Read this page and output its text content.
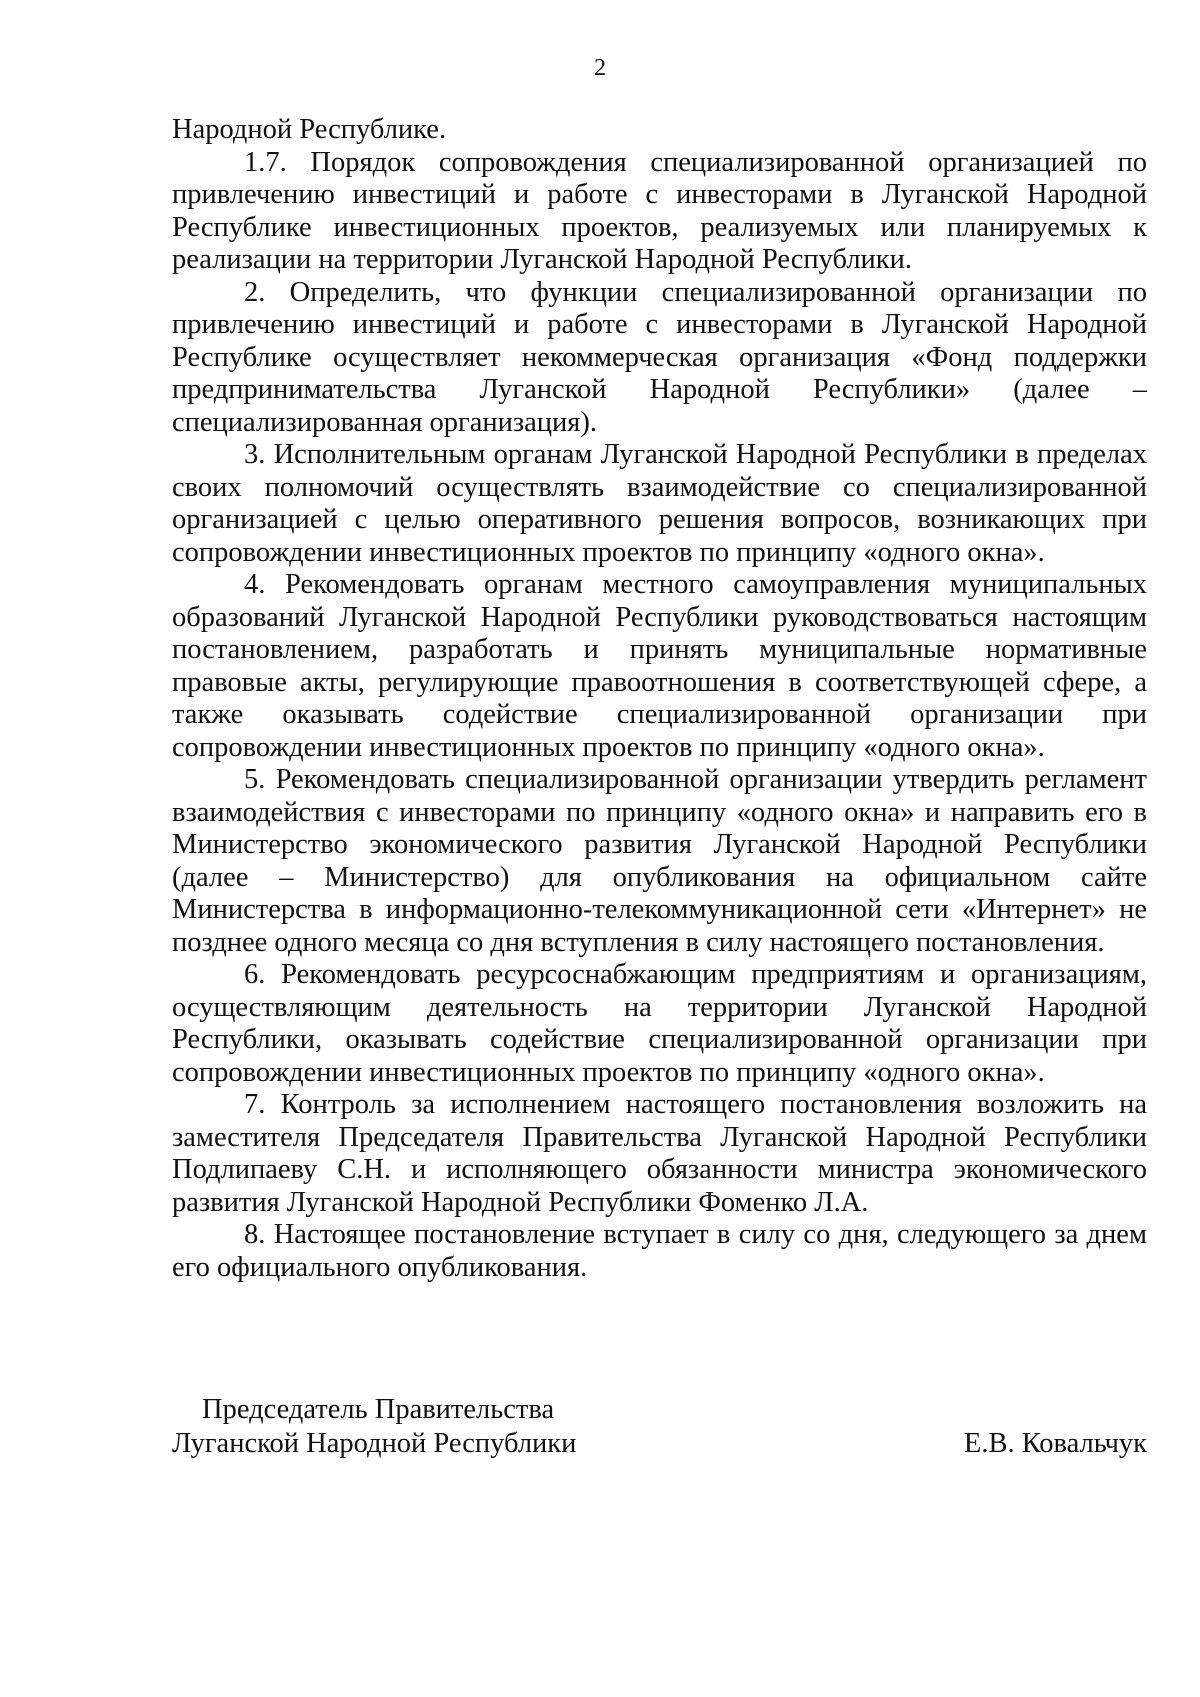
2

Народной Республике.

1.7. Порядок сопровождения специализированной организацией по привлечению инвестиций и работе с инвесторами в Луганской Народной Республике инвестиционных проектов, реализуемых или планируемых к реализации на территории Луганской Народной Республики.

2. Определить, что функции специализированной организации по привлечению инвестиций и работе с инвесторами в Луганской Народной Республике осуществляет некоммерческая организация «Фонд поддержки предпринимательства Луганской Народной Республики» (далее – специализированная организация).

3. Исполнительным органам Луганской Народной Республики в пределах своих полномочий осуществлять взаимодействие со специализированной организацией с целью оперативного решения вопросов, возникающих при сопровождении инвестиционных проектов по принципу «одного окна».

4. Рекомендовать органам местного самоуправления муниципальных образований Луганской Народной Республики руководствоваться настоящим постановлением, разработать и принять муниципальные нормативные правовые акты, регулирующие правоотношения в соответствующей сфере, а также оказывать содействие специализированной организации при сопровождении инвестиционных проектов по принципу «одного окна».

5. Рекомендовать специализированной организации утвердить регламент взаимодействия с инвесторами по принципу «одного окна» и направить его в Министерство экономического развития Луганской Народной Республики (далее – Министерство) для опубликования на официальном сайте Министерства в информационно-телекоммуникационной сети «Интернет» не позднее одного месяца со дня вступления в силу настоящего постановления.

6. Рекомендовать ресурсоснабжающим предприятиям и организациям, осуществляющим деятельность на территории Луганской Народной Республики, оказывать содействие специализированной организации при сопровождении инвестиционных проектов по принципу «одного окна».

7. Контроль за исполнением настоящего постановления возложить на заместителя Председателя Правительства Луганской Народной Республики Подлипаеву С.Н. и исполняющего обязанности министра экономического развития Луганской Народной Республики Фоменко Л.А.

8. Настоящее постановление вступает в силу со дня, следующего за днем его официального опубликования.

Председатель Правительства
Луганской Народной Республики	Е.В. Ковальчук
